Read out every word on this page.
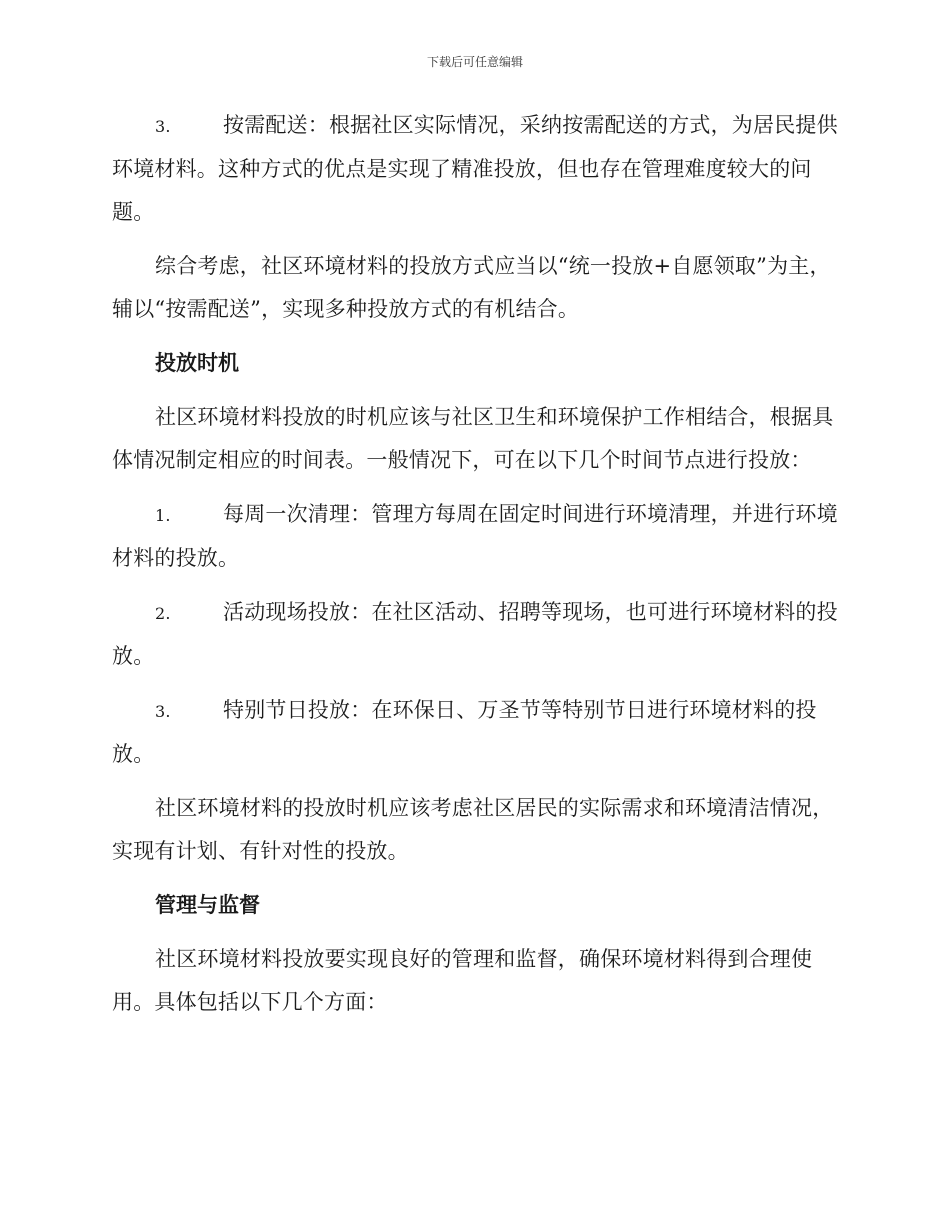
下载后可任意编辑
3. 按需配送：根据社区实际情况，采纳按需配送的方式，为居民提供环境材料。这种方式的优点是实现了精准投放，但也存在管理难度较大的问题。
综合考虑，社区环境材料的投放方式应当以“统一投放+自愿领取”为主，辅以“按需配送”，实现多种投放方式的有机结合。
投放时机
社区环境材料投放的时机应该与社区卫生和环境保护工作相结合，根据具体情况制定相应的时间表。一般情况下，可在以下几个时间节点进行投放：
1. 每周一次清理：管理方每周在固定时间进行环境清理，并进行环境材料的投放。
2. 活动现场投放：在社区活动、招聘等现场，也可进行环境材料的投放。
3. 特别节日投放：在环保日、万圣节等特别节日进行环境材料的投放。
社区环境材料的投放时机应该考虑社区居民的实际需求和环境清洁情况，实现有计划、有针对性的投放。
管理与监督
社区环境材料投放要实现良好的管理和监督，确保环境材料得到合理使用。具体包括以下几个方面：
